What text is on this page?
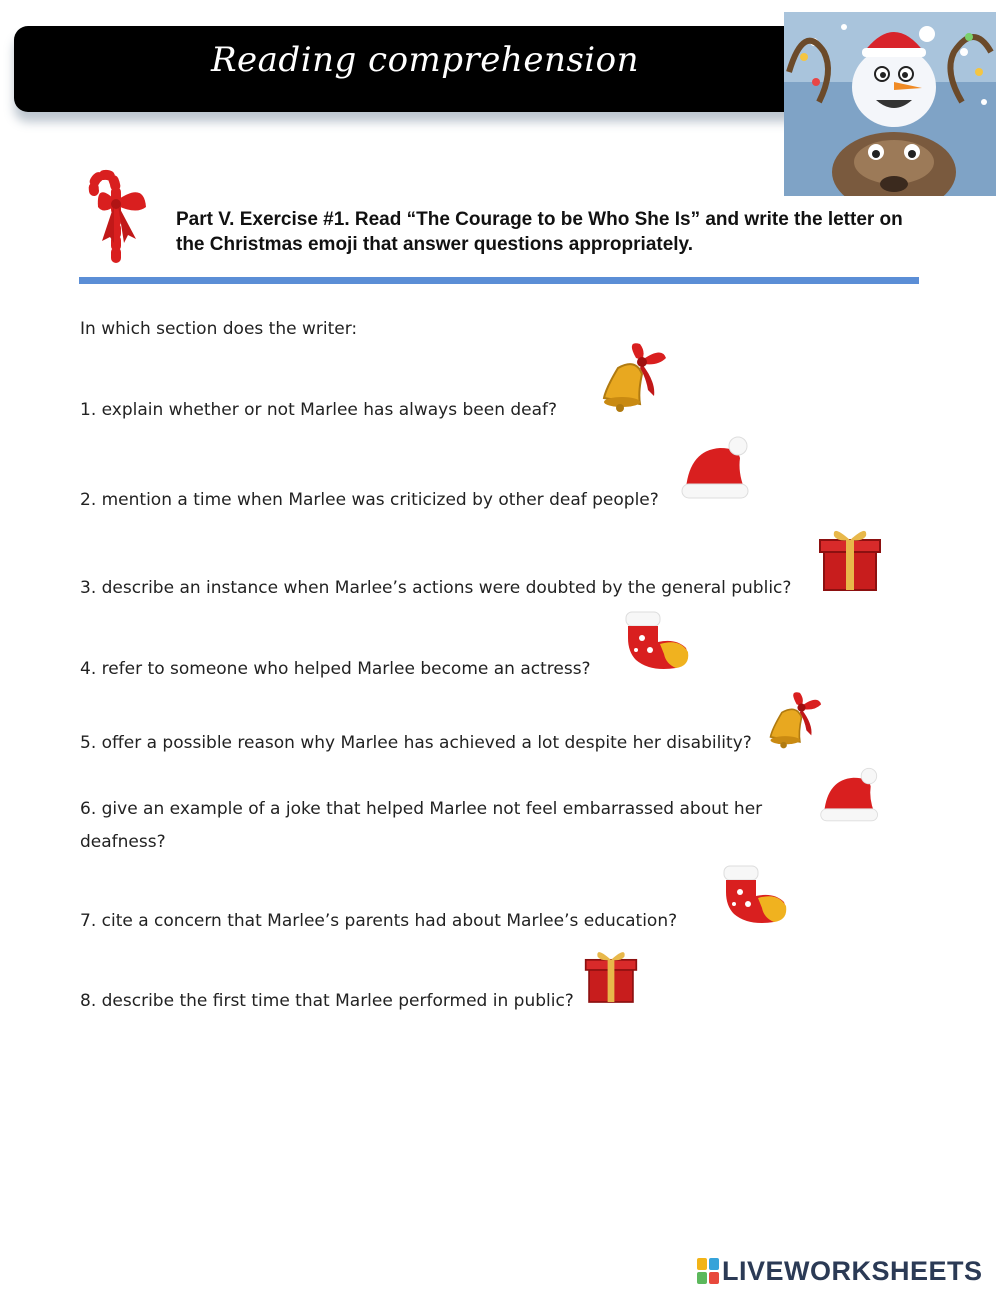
Reading comprehension
Part V. Exercise #1. Read “The Courage to be Who She Is” and write the letter on the Christmas emoji that answer questions appropriately.
In which section does the writer:
1. explain whether or not Marlee has always been deaf?
2. mention a time when Marlee was criticized by other deaf people?
3. describe an instance when Marlee’s actions were doubted by the general public?
4. refer to someone who helped Marlee become an actress?
5. offer a possible reason why Marlee has achieved a lot despite her disability?
6. give an example of a joke that helped Marlee not feel embarrassed about her deafness?
7. cite a concern that Marlee’s parents had about Marlee’s education?
8. describe the first time that Marlee performed in public?
LIVEWORKSHEETS
